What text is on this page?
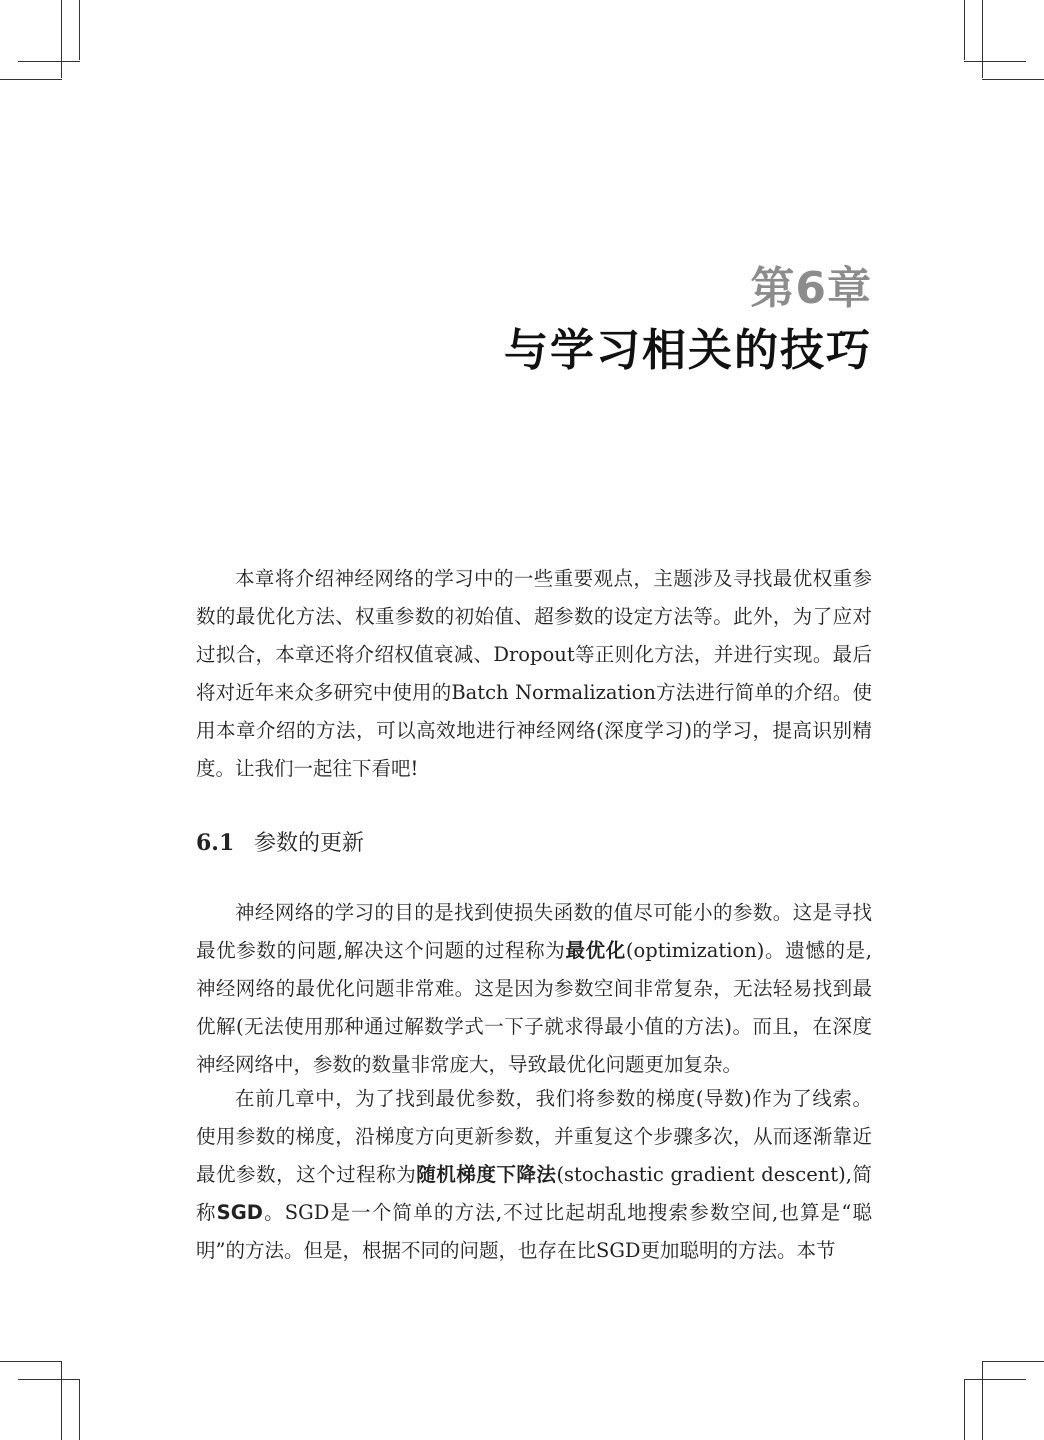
第6章
与学习相关的技巧

本章将介绍神经网络的学习中的一些重要观点，主题涉及寻找最优权重参数的最优化方法、权重参数的初始值、超参数的设定方法等。此外，为了应对过拟合，本章还将介绍权值衰减、Dropout等正则化方法，并进行实现。最后将对近年来众多研究中使用的Batch Normalization方法进行简单的介绍。使用本章介绍的方法，可以高效地进行神经网络(深度学习)的学习，提高识别精度。让我们一起往下看吧!

6.1 参数的更新

神经网络的学习的目的是找到使损失函数的值尽可能小的参数。这是寻找最优参数的问题,解决这个问题的过程称为最优化(optimization)。遗憾的是,神经网络的最优化问题非常难。这是因为参数空间非常复杂，无法轻易找到最优解(无法使用那种通过解数学式一下子就求得最小值的方法)。而且，在深度神经网络中，参数的数量非常庞大，导致最优化问题更加复杂。

在前几章中，为了找到最优参数，我们将参数的梯度(导数)作为了线索。使用参数的梯度，沿梯度方向更新参数，并重复这个步骤多次，从而逐渐靠近最优参数，这个过程称为随机梯度下降法(stochastic gradient descent),简称SGD。SGD是一个简单的方法,不过比起胡乱地搜索参数空间,也算是“聪明”的方法。但是，根据不同的问题，也存在比SGD更加聪明的方法。本节
